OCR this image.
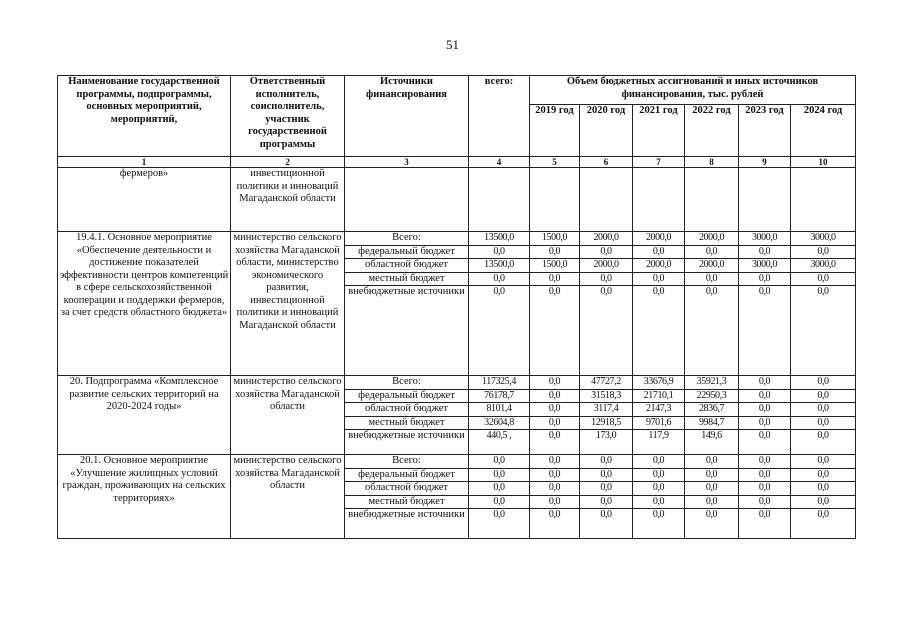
51
Наименование государственной программы, подпрограммы, основных мероприятий, мероприятий,	Ответственный исполнитель, соисполнитель, участник государственной программы	Источники финансирования	всего:	Объем бюджетных ассигнований и иных источников финансирования, тыс. рублей					
				2019 год	2020 год	2021 год	2022 год	2023 год	2024 год
1	2	3	4	5	6	7	8	9	10
фермеров»	инвестиционной политики и инноваций Магаданской области								
19.4.1. Основное мероприятие «Обеспечение деятельности и достижение показателей эффективности центров компетенций в сфере сельскохозяйственной кооперации и поддержки фермеров, за счет средств областного бюджета»	министерство сельского хозяйства Магаданской области, министерство экономического развития, инвестиционной политики и инноваций Магаданской области	Всего:	13500,0	1500,0	2000,0	2000,0	2000,0	3000,0	3000,0
		федеральный бюджет	0,0	0,0	0,0	0,0	0,0	0,0	0,0
		областной бюджет	13500,0	1500,0	2000,0	2000,0	2000,0	3000,0	3000,0
		местный бюджет	0,0	0,0	0,0	0,0	0,0	0,0	0,0
		внебюджетные источники	0,0	0,0	0,0	0,0	0,0	0,0	0,0
20. Подпрограмма «Комплексное развитие сельских территорий на 2020-2024 годы»	министерство сельского хозяйства Магаданской области	Всего:	117325,4	0,0	47727,2	33676,9	35921,3	0,0	0,0
		федеральный бюджет	76178,7	0,0	31518,3	21710,1	22950,3	0,0	0,0
		областной бюджет	8101,4	0,0	3117,4	2147,3	2836,7	0,0	0,0
		местный бюджет	32604,8	0,0	12918,5	9701,6	9984,7	0,0	0,0
		внебюджетные источники	440,5 ,	0,0	173,0	117,9	149,6	0,0	0,0
20.1. Основное мероприятие «Улучшение жилищных условий граждан, проживающих на сельских территориях»	министерство сельского хозяйства Магаданской области	Всего:	0,0	0,0	0,0	0,0	0,0	0,0	0,0
		федеральный бюджет	0,0	0,0	0,0	0,0	0,0	0,0	0,0
		областной бюджет	0,0	0,0	0,0	0,0	0,0	0,0	0,0
		местный бюджет	0,0	0,0	0,0	0,0	0,0	0,0	0,0
		внебюджетные источники	0,0	0,0	0,0	0,0	0,0	0,0	0,0
